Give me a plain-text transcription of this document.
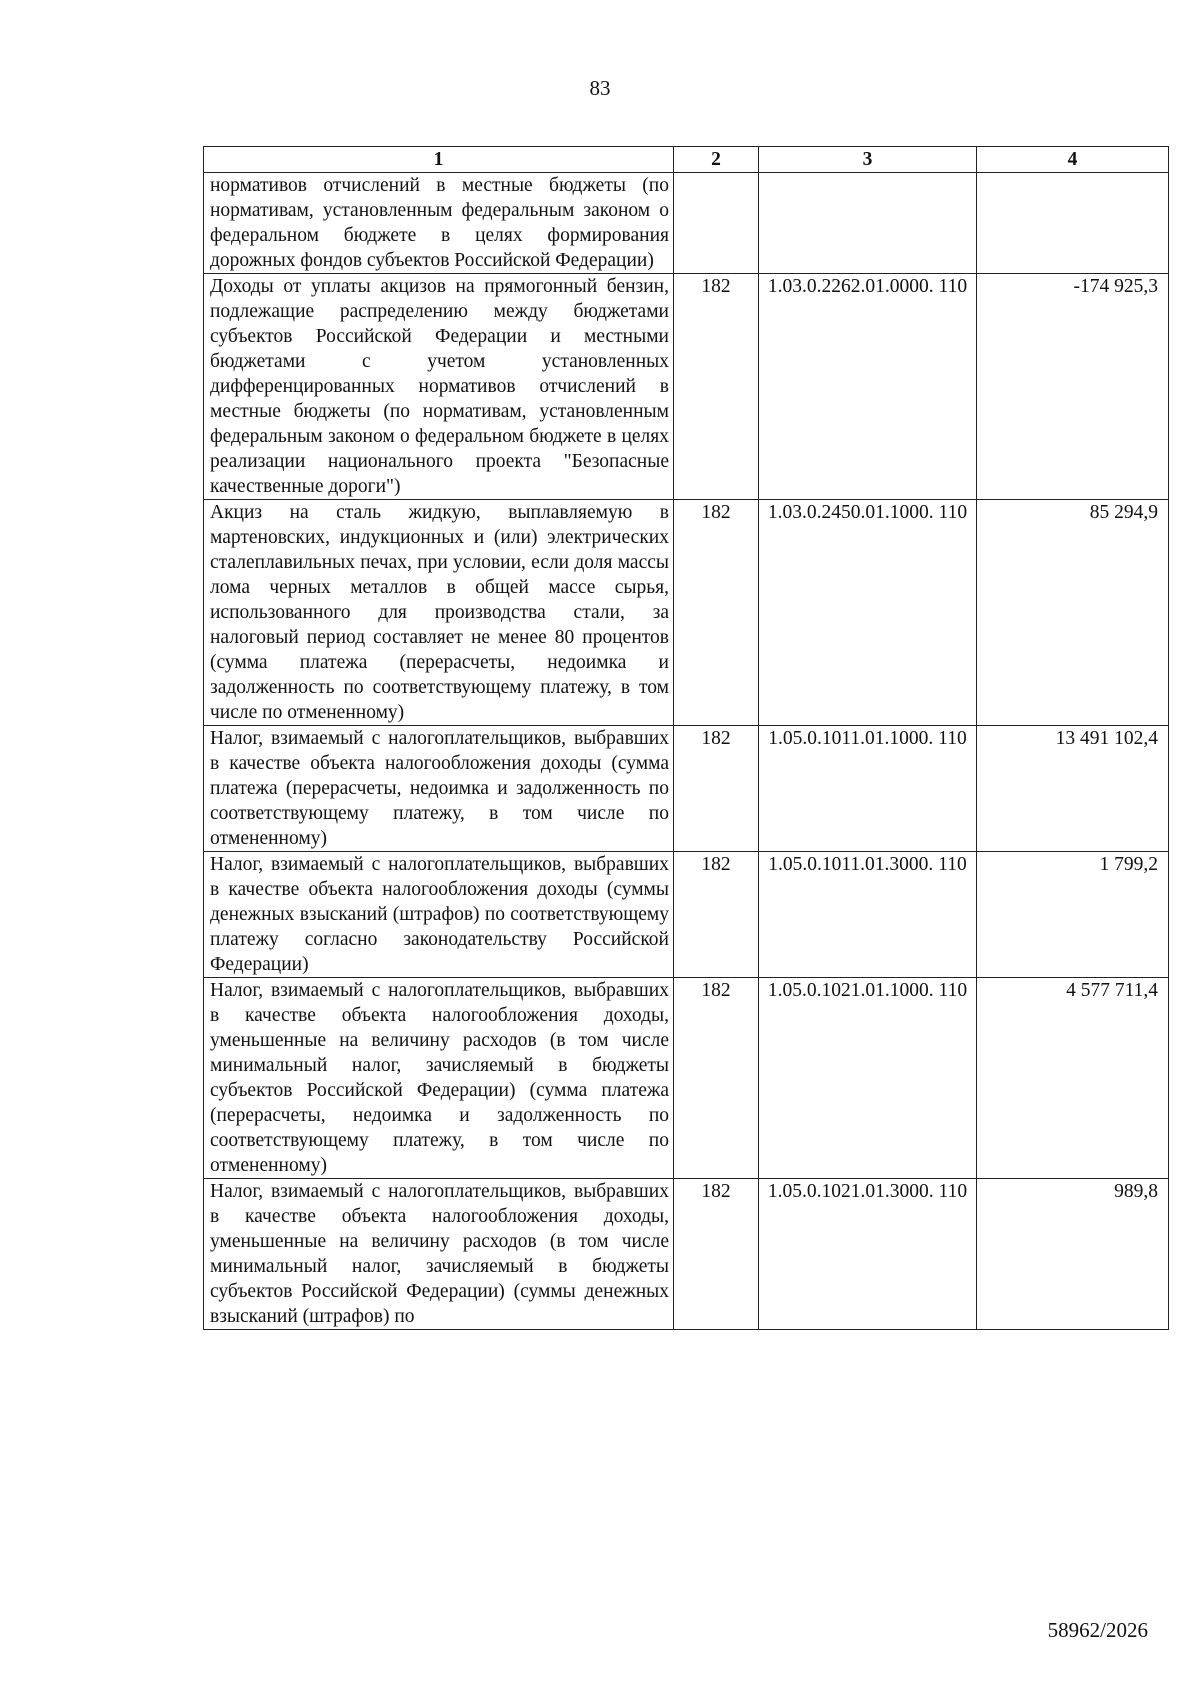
83
1	2	3	4
нормативов отчислений в местные бюджеты (по нормативам, установленным федеральным законом о федеральном бюджете в целях формирования дорожных фондов субъектов Российской Федерации)			
Доходы от уплаты акцизов на прямогонный бензин, подлежащие распределению между бюджетами субъектов Российской Федерации и местными бюджетами с учетом установленных дифференцированных нормативов отчислений в местные бюджеты (по нормативам, установленным федеральным законом о федеральном бюджете в целях реализации национального проекта "Безопасные качественные дороги")	182	1.03.0.2262.01.0000. 110	-174 925,3
Акциз на сталь жидкую, выплавляемую в мартеновских, индукционных и (или) электрических сталеплавильных печах, при условии, если доля массы лома черных металлов в общей массе сырья, использованного для производства стали, за налоговый период составляет не менее 80 процентов (сумма платежа (перерасчеты, недоимка и задолженность по соответствующему платежу, в том числе по отмененному)	182	1.03.0.2450.01.1000. 110	85 294,9
Налог, взимаемый с налогоплательщиков, выбравших в качестве объекта налогообложения доходы (сумма платежа (перерасчеты, недоимка и задолженность по соответствующему платежу, в том числе по отмененному)	182	1.05.0.1011.01.1000. 110	13 491 102,4
Налог, взимаемый с налогоплательщиков, выбравших в качестве объекта налогообложения доходы (суммы денежных взысканий (штрафов) по соответствующему платежу согласно законодательству Российской Федерации)	182	1.05.0.1011.01.3000. 110	1 799,2
Налог, взимаемый с налогоплательщиков, выбравших в качестве объекта налогообложения доходы, уменьшенные на величину расходов (в том числе минимальный налог, зачисляемый в бюджеты субъектов Российской Федерации) (сумма платежа (перерасчеты, недоимка и задолженность по соответствующему платежу, в том числе по отмененному)	182	1.05.0.1021.01.1000. 110	4 577 711,4
Налог, взимаемый с налогоплательщиков, выбравших в качестве объекта налогообложения доходы, уменьшенные на величину расходов (в том числе минимальный налог, зачисляемый в бюджеты субъектов Российской Федерации) (суммы денежных взысканий (штрафов) по	182	1.05.0.1021.01.3000. 110	989,8
58962/2026
